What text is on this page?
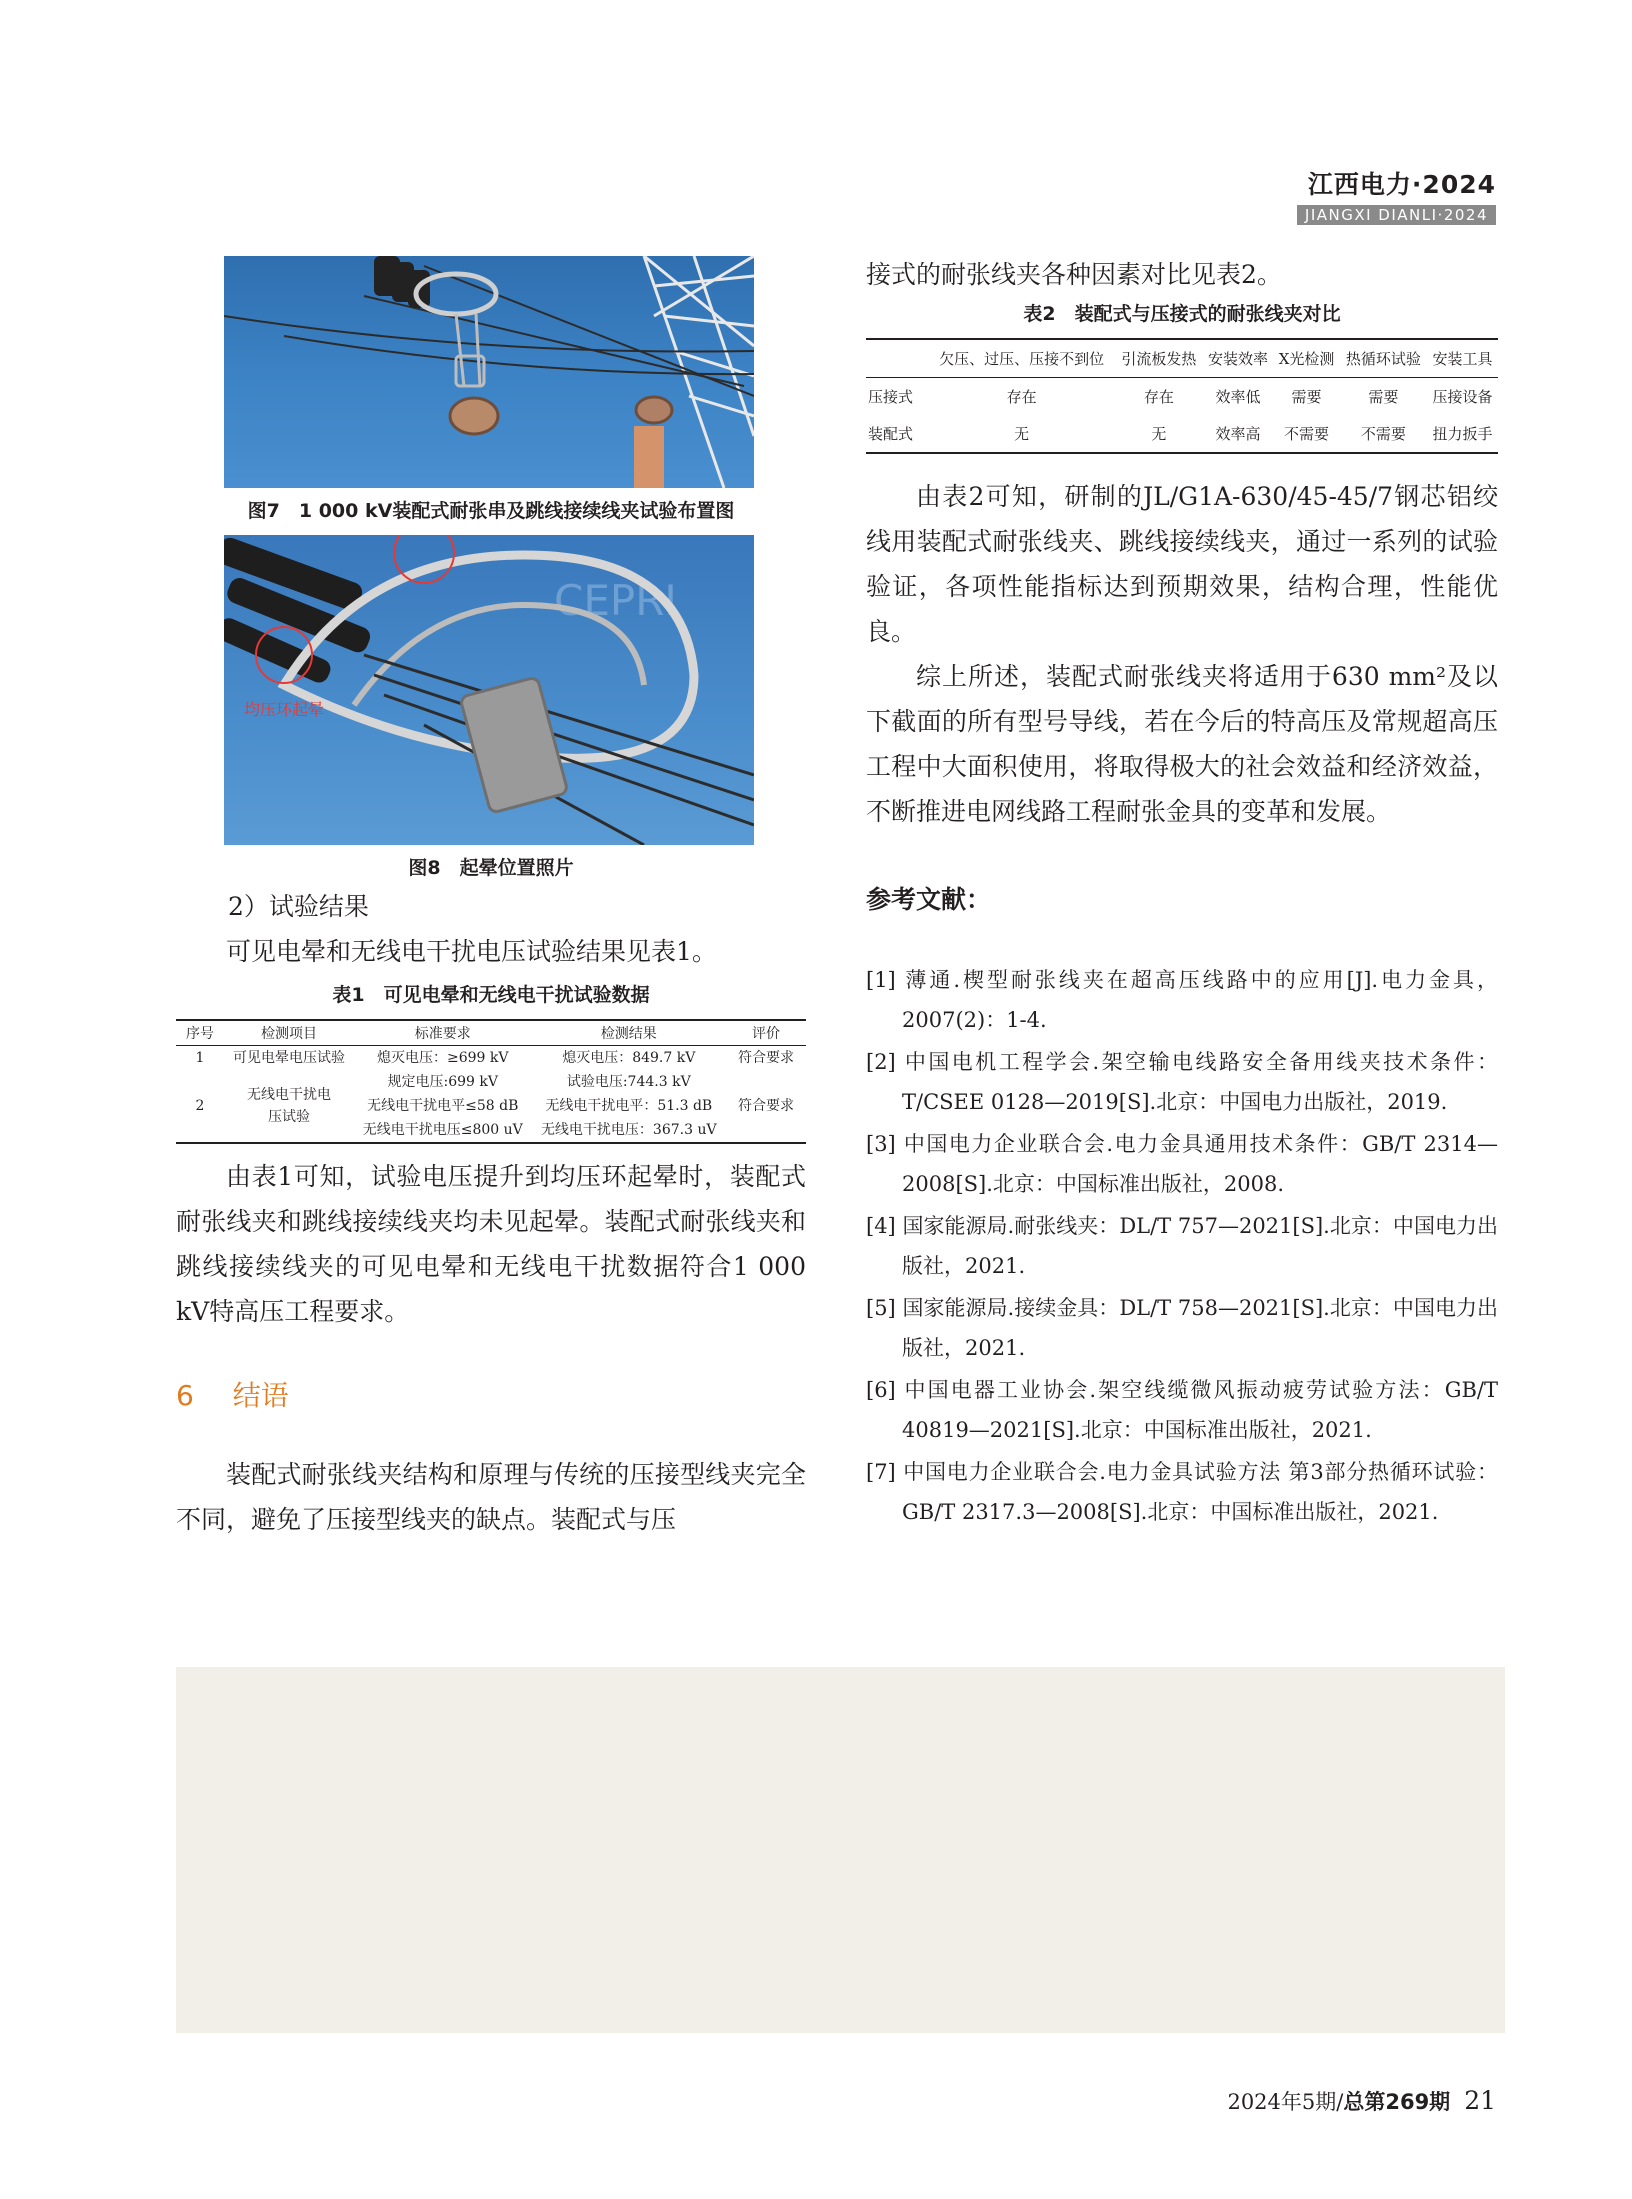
江西电力·2024
JIANGXI DIANLI·2024
图7　1 000 kV装配式耐张串及跳线接续线夹试验布置图
CEPRI
均压环起晕
图8　起晕位置照片
2）试验结果
可见电晕和无线电干扰电压试验结果见表1。
表1　可见电晕和无线电干扰试验数据
序号	检测项目	标准要求	检测结果	评价
1	可见电晕电压试验	熄灭电压：≥699 kV	熄灭电压：849.7 kV	符合要求
2	无线电干扰电压试验	规定电压:699 kV	试验电压:744.3 kV	符合要求
		无线电干扰电平≤58 dB	无线电干扰电平：51.3 dB	
		无线电干扰电压≤800 uV	无线电干扰电压：367.3 uV	
由表1可知，试验电压提升到均压环起晕时，装配式耐张线夹和跳线接续线夹均未见起晕。装配式耐张线夹和跳线接续线夹的可见电晕和无线电干扰数据符合1 000 kV特高压工程要求。
6 结语
装配式耐张线夹结构和原理与传统的压接型线夹完全不同，避免了压接型线夹的缺点。装配式与压
接式的耐张线夹各种因素对比见表2。
表2　装配式与压接式的耐张线夹对比
	欠压、过压、压接不到位	引流板发热	安装效率	X光检测	热循环试验	安装工具
压接式	存在	存在	效率低	需要	需要	压接设备
装配式	无	无	效率高	不需要	不需要	扭力扳手
由表2可知，研制的JL/G1A-630/45-45/7钢芯铝绞线用装配式耐张线夹、跳线接续线夹，通过一系列的试验验证，各项性能指标达到预期效果，结构合理，性能优良。
综上所述，装配式耐张线夹将适用于630 mm²及以下截面的所有型号导线，若在今后的特高压及常规超高压工程中大面积使用，将取得极大的社会效益和经济效益，不断推进电网线路工程耐张金具的变革和发展。
参考文献：
[1] 薄通.楔型耐张线夹在超高压线路中的应用[J].电力金具，2007(2)：1-4.
[2] 中国电机工程学会.架空输电线路安全备用线夹技术条件：T/CSEE 0128—2019[S].北京：中国电力出版社，2019.
[3] 中国电力企业联合会.电力金具通用技术条件：GB/T 2314—2008[S].北京：中国标准出版社，2008.
[4] 国家能源局.耐张线夹：DL/T 757—2021[S].北京：中国电力出版社，2021.
[5] 国家能源局.接续金具：DL/T 758—2021[S].北京：中国电力出版社，2021.
[6] 中国电器工业协会.架空线缆微风振动疲劳试验方法：GB/T 40819—2021[S].北京：中国标准出版社，2021.
[7] 中国电力企业联合会.电力金具试验方法 第3部分热循环试验：GB/T 2317.3—2008[S].北京：中国标准出版社，2021.
2024年5期/总第269期 21
